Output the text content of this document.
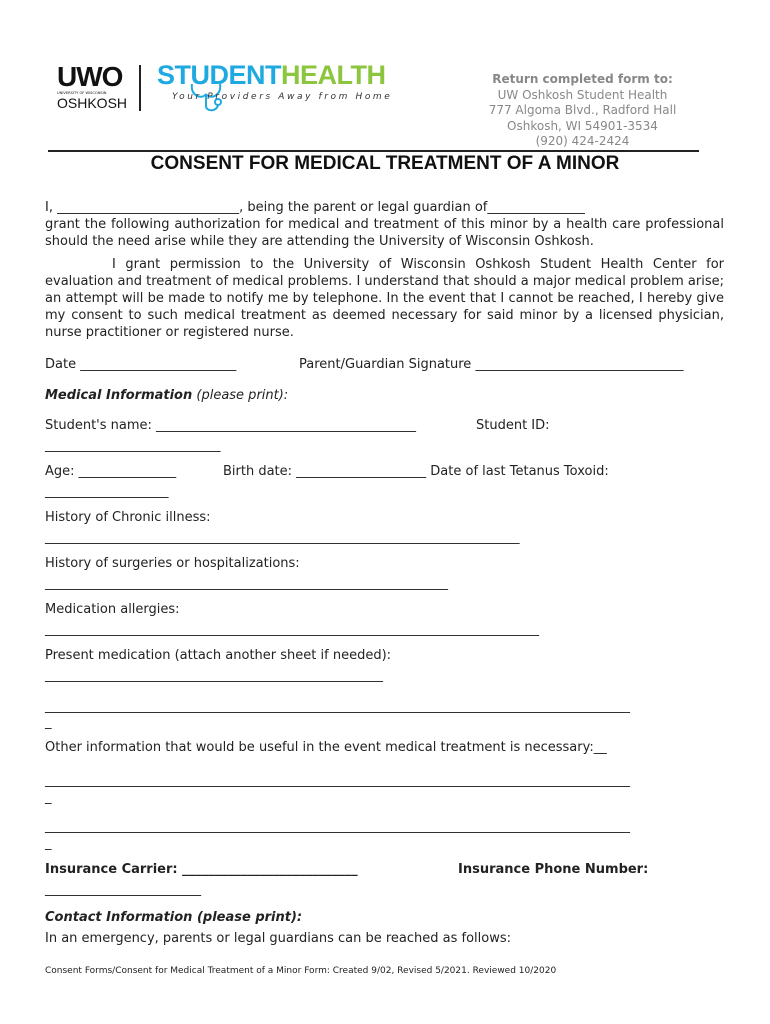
UWO
UNIVERSITY OF WISCONSIN
OSHKOSH
STUDENTHEALTH
Your Providers Away from Home
Return completed form to:
UW Oshkosh Student Health
777 Algoma Blvd., Radford Hall
Oshkosh, WI 54901-3534
(920) 424-2424
CONSENT FOR MEDICAL TREATMENT OF A MINOR
I, ____________________________, being the parent or legal guardian of_______________
grant the following authorization for medical and treatment of this minor by a health care professional should the need arise while they are attending the University of Wisconsin Oshkosh.
I grant permission to the University of Wisconsin Oshkosh Student Health Center for evaluation and treatment of medical problems. I understand that should a major medical problem arise; an attempt will be made to notify me by telephone. In the event that I cannot be reached, I hereby give my consent to such medical treatment as deemed necessary for said minor by a licensed physician, nurse practitioner or registered nurse.
Date ________________________	Parent/Guardian Signature ________________________________
Medical Information (please print):
Student's name: ________________________________________	Student ID:
___________________________
Age: _______________	Birth date: ____________________ Date of last Tetanus Toxoid:
___________________
History of Chronic illness:
_________________________________________________________________________
History of surgeries or hospitalizations:
______________________________________________________________
Medication allergies:
____________________________________________________________________________
Present medication (attach another sheet if needed):
____________________________________________________
__________________________________________________________________________________________
_
Other information that would be useful in the event medical treatment is necessary:__
__________________________________________________________________________________________
_
__________________________________________________________________________________________
_
Insurance Carrier: ___________________________	Insurance Phone Number:
________________________
Contact Information (please print):
In an emergency, parents or legal guardians can be reached as follows:
Consent Forms/Consent for Medical Treatment of a Minor Form: Created 9/02, Revised 5/2021. Reviewed 10/2020
